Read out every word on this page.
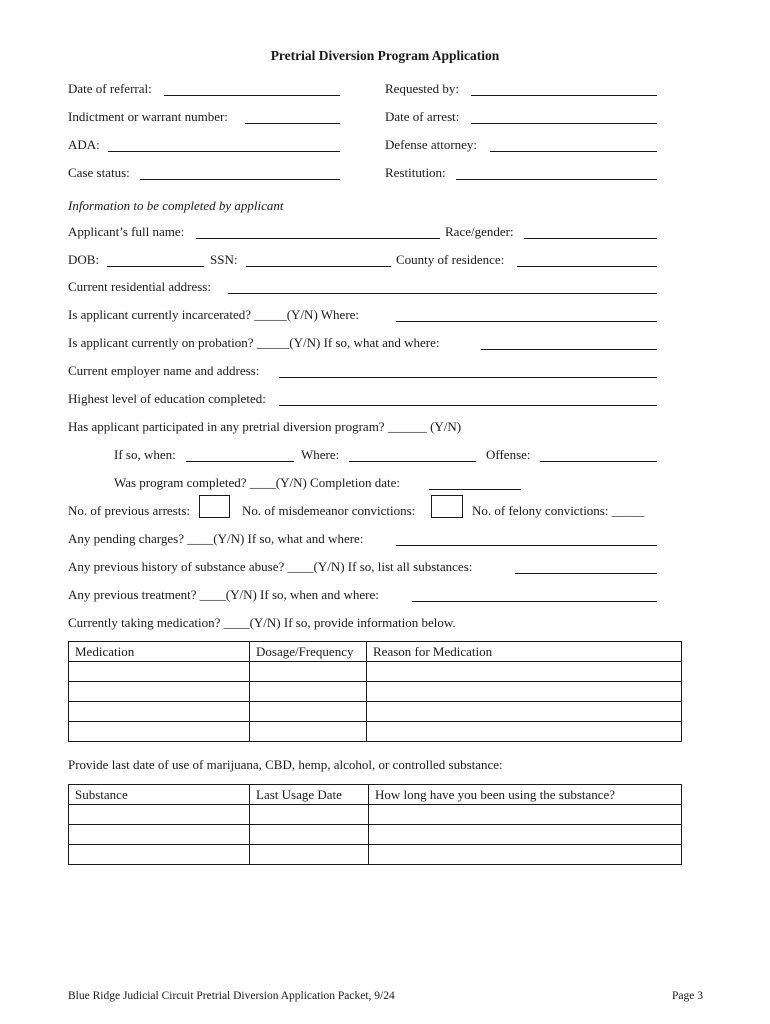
Pretrial Diversion Program Application
Date of referral:	Requested by:
Indictment or warrant number:	Date of arrest:
ADA:	Defense attorney:
Case status:	Restitution:
Information to be completed by applicant
Applicant’s full name:	Race/gender:
DOB:	SSN:	County of residence:
Current residential address:
Is applicant currently incarcerated? _____(Y/N) Where:
Is applicant currently on probation? _____(Y/N) If so, what and where:
Current employer name and address:
Highest level of education completed:
Has applicant participated in any pretrial diversion program? ______ (Y/N)
If so, when:	Where:	Offense:
Was program completed? ____(Y/N) Completion date:
No. of previous arrests:	No. of misdemeanor convictions:	No. of felony convictions: _____
Any pending charges? ____(Y/N) If so, what and where:
Any previous history of substance abuse? ____(Y/N) If so, list all substances:
Any previous treatment? ____(Y/N) If so, when and where:
Currently taking medication? ____(Y/N) If so, provide information below.
Medication	Dosage/Frequency	Reason for Medication

Provide last date of use of marijuana, CBD, hemp, alcohol, or controlled substance:
Substance	Last Usage Date	How long have you been using the substance?

Blue Ridge Judicial Circuit Pretrial Diversion Application Packet, 9/24	Page 3
